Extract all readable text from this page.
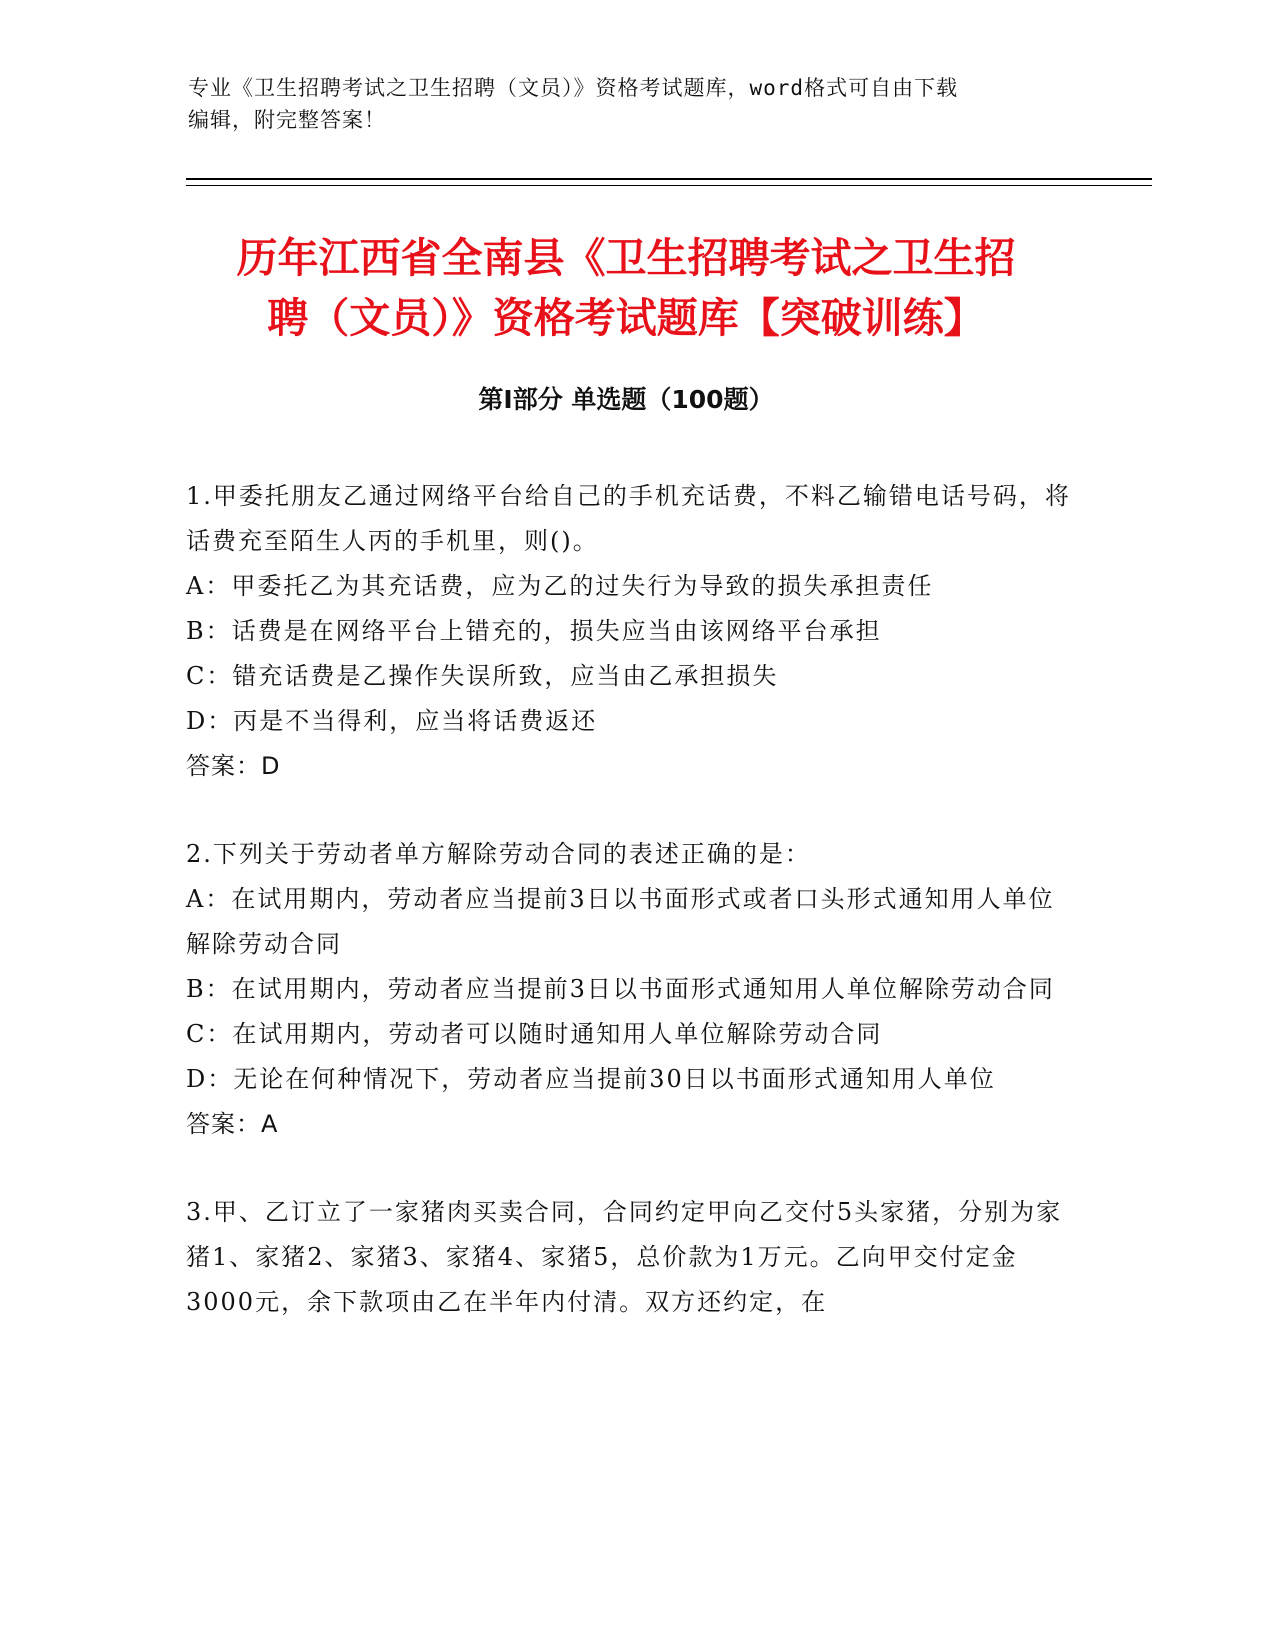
专业《卫生招聘考试之卫生招聘（文员）》资格考试题库，word格式可自由下载
编辑，附完整答案！
历年江西省全南县《卫生招聘考试之卫生招
聘（文员）》资格考试题库【突破训练】
第Ⅰ部分 单选题（100题）
1.甲委托朋友乙通过网络平台给自己的手机充话费，不料乙输错电话号码，将话费充至陌生人丙的手机里，则()。
A：甲委托乙为其充话费，应为乙的过失行为导致的损失承担责任
B：话费是在网络平台上错充的，损失应当由该网络平台承担
C：错充话费是乙操作失误所致，应当由乙承担损失
D：丙是不当得利，应当将话费返还
答案：D
2.下列关于劳动者单方解除劳动合同的表述正确的是：
A：在试用期内，劳动者应当提前3日以书面形式或者口头形式通知用人单位解除劳动合同
B：在试用期内，劳动者应当提前3日以书面形式通知用人单位解除劳动合同
C：在试用期内，劳动者可以随时通知用人单位解除劳动合同
D：无论在何种情况下，劳动者应当提前30日以书面形式通知用人单位
答案：A
3.甲、乙订立了一家猪肉买卖合同，合同约定甲向乙交付5头家猪，分别为家猪1、家猪2、家猪3、家猪4、家猪5，总价款为1万元。乙向甲交付定金3000元，余下款项由乙在半年内付清。双方还约定，在
